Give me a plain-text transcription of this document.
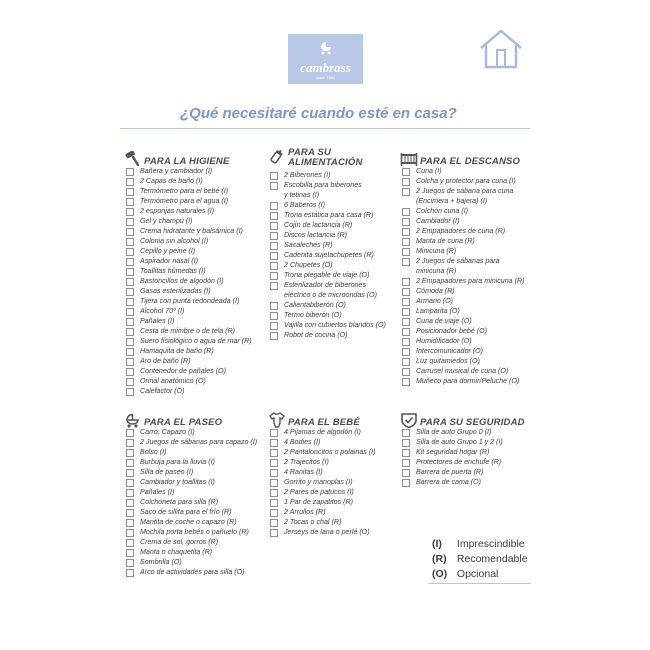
cambrass
since 1984
¿Qué necesitaré cuando esté en casa?
PARA LA HIGIENE
Bañera y cambiador (I)
2 Capas de baño (I)
Termómetro para el bebé (I)
Termómetro para el agua (I)
2 esponjas naturales (I)
Gel y champú (I)
Crema hidratante y balsámica (I)
Colonia sin alcohol (I)
Cepillo y peine (I)
Aspirador nasal (I)
Toallitas húmedas (I)
Bastoncillos de algodón (I)
Gasas esterilizadas (I)
Tijera con punta redondeada (I)
Alcohol 70º (I)
Pañales (I)
Cesta de mimbre o de tela (R)
Suero fisiológico o agua de mar (R)
Hamaquita de baño (R)
Aro de baño (R)
Contenedor de pañales (O)
Orinal anatómico (O)
Calefactor (O)
PARA SU
ALIMENTACIÓN
2 Biberones (I)
Escobilla para biberones
y tetinas (I)
6 Baberos (I)
Trona estática para casa (R)
Cojín de lactancia (R)
Discos lactancia (R)
Sacaleches (R)
Cadenita sujetachupetes (R)
2 Chupetes (O)
Trona plegable de viaje (O)
Esterilizador de biberones
eléctrico o de microondas (O)
Calientabiberón (O)
Termo biberón (O)
Vajilla con cubiertos blandos (O)
Robot de cocina (O)
PARA EL DESCANSO
Cuna (I)
Colcha y protector para cuna (I)
2 Juegos de sábana para cuna
(Encimera + bajera) (I)
Colchón cuna (I)
Cambiador (I)
2 Empapadores de cuna (R)
Manta de cuna (R)
Minicuna (R)
2 Juegos de sábanas para
minicuna (R)
2 Empapadores para minicuna (R)
Cómoda (R)
Armario (O)
Lamparita (O)
Cuna de viaje (O)
Posicionador bebé (O)
Humidificador (O)
Intercomunicador (O)
Luz quitamiedos (O)
Carrusel musical de cuna (O)
Muñeco para dormir/Peluche (O)
PARA EL PASEO
Carro: Capazo (I)
2 Juegos de sábanas para capazo (I)
Bolso (I)
Burbuja para la lluvia (I)
Silla de paseo (I)
Cambiador y toallitas (I)
Pañales (I)
Colchoneta para silla (R)
Saco de sillita para el frío (R)
Mantita de coche o capazo (R)
Mochila porta bebés o pañuelo (R)
Crema de sol, gorros (R)
Manta o chaquetita (R)
Sombrilla (O)
Arco de actividades para silla (O)
PARA EL BEBÉ
4 Pijamas de algodón (I)
4 Bodies (I)
2 Pantaloncitos o polainas (I)
2 Trajecitos (I)
4 Ranitas (I)
Gorrito y manoplas (I)
2 Pares de patucos (I)
1 Par de zapatitos (R)
2 Arrullos (R)
2 Tocas o chal (R)
Jerseys de lana o perlé (O)
PARA SU SEGURIDAD
Silla de auto Grupo 0 (I)
Silla de auto Grupo 1 y 2 (I)
Kit seguridad hogar (R)
Protectores de enchufe (R)
Barrera de puerta (R)
Barrera de cama (O)
(I) Imprescindible
(R) Recomendable
(O) Opcional
